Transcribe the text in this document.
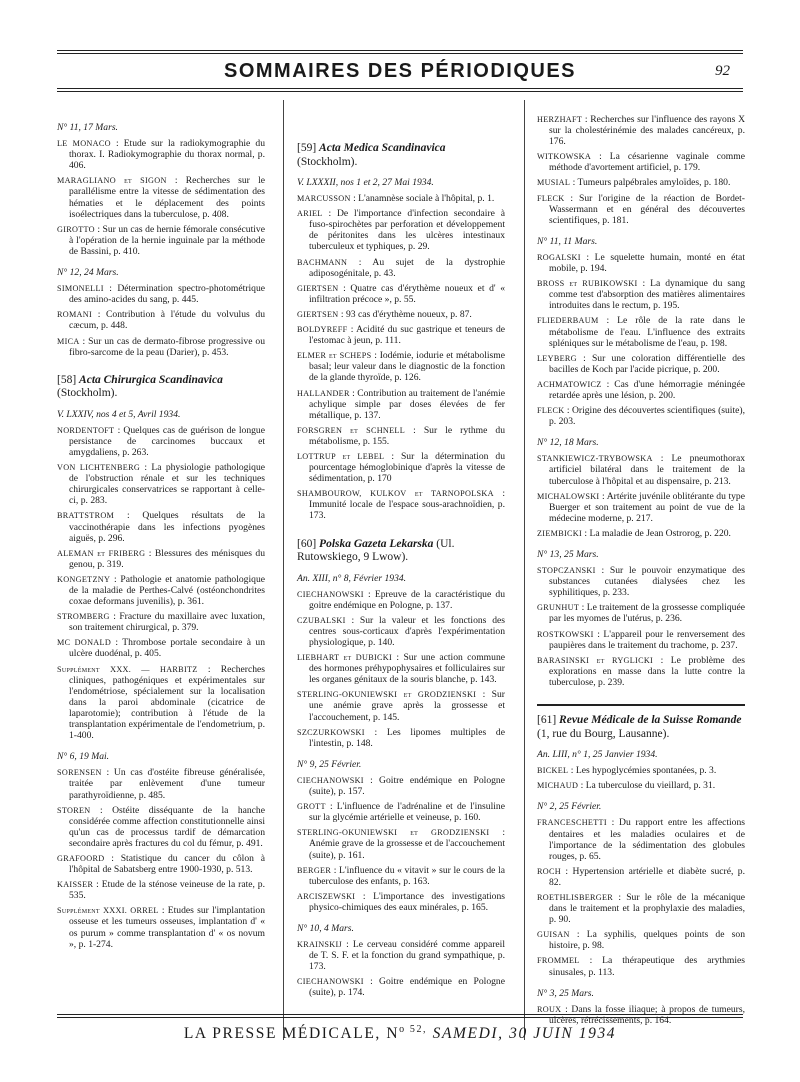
SOMMAIRES DES PÉRIODIQUES	92
N° 11, 17 Mars.
LE MONACO : Etude sur la radiokymographie du thorax. I. Radiokymographie du thorax normal, p. 406.
MARAGLIANO et SIGON : Recherches sur le parallélisme entre la vitesse de sédimentation des hématies et le déplacement des points isoélectriques dans la tuberculose, p. 408.
GIROTTO : Sur un cas de hernie fémorale consécutive à l'opération de la hernie inguinale par la méthode de Bassini, p. 410.
N° 12, 24 Mars.
SIMONELLI : Détermination spectro-photométrique des amino-acides du sang, p. 445.
ROMANI : Contribution à l'étude du volvulus du cæcum, p. 448.
MICA : Sur un cas de dermato-fibrose progressive ou fibro-sarcome de la peau (Darier), p. 453.
[58] Acta Chirurgica Scandinavica (Stockholm).
V. LXXIV, nos 4 et 5, Avril 1934.
NORDENTOFT : Quelques cas de guérison de longue persistance de carcinomes buccaux et amygdaliens, p. 263.
VON LICHTENBERG : La physiologie pathologique de l'obstruction rénale et sur les techniques chirurgicales conservatrices se rapportant à celle-ci, p. 283.
BRATTSTROM : Quelques résultats de la vaccinothérapie dans les infections pyogènes aiguës, p. 296.
ALEMAN et FRIBERG : Blessures des ménisques du genou, p. 319.
KONGETZNY : Pathologie et anatomie pathologique de la maladie de Perthes-Calvé (ostéonchondrites coxae deformans juvenilis), p. 361.
STROMBERG : Fracture du maxillaire avec luxation, son traitement chirurgical, p. 379.
MC DONALD : Thrombose portale secondaire à un ulcère duodénal, p. 405.
Supplément XXX. — HARBITZ : Recherches cliniques, pathogéniques et expérimentales sur l'endométriose, spécialement sur la localisation dans la paroi abdominale (cicatrice de laparotomie); contribution à l'étude de la transplantation expérimentale de l'endometrium, p. 1-400.
N° 6, 19 Mai.
SORENSEN : Un cas d'ostéite fibreuse généralisée, traitée par enlèvement d'une tumeur parathyroïdienne, p. 485.
STOREN : Ostéite disséquante de la hanche considérée comme affection constitutionnelle ainsi qu'un cas de processus tardif de démarcation secondaire après fractures du col du fémur, p. 491.
GRAFOORD : Statistique du cancer du côlon à l'hôpital de Sabatsberg entre 1900-1930, p. 513.
KAISSER : Etude de la sténose veineuse de la rate, p. 535.
Supplément XXXI. ORREL : Etudes sur l'implantation osseuse et les tumeurs osseuses, implantation d' « os purum » comme transplantation d' « os novum », p. 1-274.
[59] Acta Medica Scandinavica (Stockholm).
V. LXXXII, nos 1 et 2, 27 Mai 1934.
MARCUSSON : L'anamnèse sociale à l'hôpital, p. 1.
ARIEL : De l'importance d'infection secondaire à fuso-spirochètes par perforation et développement de péritonites dans les ulcères intestinaux tuberculeux et typhiques, p. 29.
BACHMANN : Au sujet de la dystrophie adiposogénitale, p. 43.
GIERTSEN : Quatre cas d'érythème noueux et d' « infiltration précoce », p. 55.
GIERTSEN : 93 cas d'érythème noueux, p. 87.
BOLDYREFF : Acidité du suc gastrique et teneurs de l'estomac à jeun, p. 111.
ELMER et SCHEPS : Iodémie, iodurie et métabolisme basal; leur valeur dans le diagnostic de la fonction de la glande thyroïde, p. 126.
HALLANDER : Contribution au traitement de l'anémie achylique simple par doses élevées de fer métallique, p. 137.
FORSGREN et SCHNELL : Sur le rythme du métabolisme, p. 155.
LOTTRUP et LEBEL : Sur la détermination du pourcentage hémoglobinique d'après la vitesse de sédimentation, p. 170
SHAMBOUROW, KULKOV et TARNOPOLSKA : Immunité locale de l'espace sous-arachnoïdien, p. 173.
[60] Polska Gazeta Lekarska (Ul. Rutowskiego, 9 Lwow).
An. XIII, n° 8, Février 1934.
CIECHANOWSKI : Epreuve de la caractéristique du goitre endémique en Pologne, p. 137.
CZUBALSKI : Sur la valeur et les fonctions des centres sous-corticaux d'après l'expérimentation physiologique, p. 140.
LIEBHART et DUBICKI : Sur une action commune des hormones préhypophysaires et folliculaires sur les organes génitaux de la souris blanche, p. 143.
STERLING-OKUNIEWSKI et GRODZIENSKI : Sur une anémie grave après la grossesse et l'accouchement, p. 145.
SZCZURKOWSKI : Les lipomes multiples de l'intestin, p. 148.
N° 9, 25 Février.
CIECHANOWSKI : Goitre endémique en Pologne (suite), p. 157.
GROTT : L'influence de l'adrénaline et de l'insuline sur la glycémie artérielle et veineuse, p. 160.
STERLING-OKUNIEWSKI et GRODZIENSKI : Anémie grave de la grossesse et de l'accouchement (suite), p. 161.
BERGER : L'influence du « vitavit » sur le cours de la tuberculose des enfants, p. 163.
ARCISZEWSKI : L'importance des investigations physico-chimiques des eaux minérales, p. 165.
N° 10, 4 Mars.
KRAINSKIJ : Le cerveau considéré comme appareil de T. S. F. et la fonction du grand sympathique, p. 173.
CIECHANOWSKI : Goitre endémique en Pologne (suite), p. 174.
HERZHAFT : Recherches sur l'influence des rayons X sur la cholestérinémie des malades cancéreux, p. 176.
WITKOWSKA : La césarienne vaginale comme méthode d'avortement artificiel, p. 179.
MUSIAL : Tumeurs palpébrales amyloïdes, p. 180.
FLECK : Sur l'origine de la réaction de Bordet-Wassermann et en général des découvertes scientifiques, p. 181.
N° 11, 11 Mars.
ROGALSKI : Le squelette humain, monté en état mobile, p. 194.
BROSS et RUBIKOWSKI : La dynamique du sang comme test d'absorption des matières alimentaires introduites dans le rectum, p. 195.
FLIEDERBAUM : Le rôle de la rate dans le métabolisme de l'eau. L'influence des extraits spléniques sur le métabolisme de l'eau, p. 198.
LEYBERG : Sur une coloration différentielle des bacilles de Koch par l'acide picrique, p. 200.
ACHMATOWICZ : Cas d'une hémorragie méningée retardée après une lésion, p. 200.
FLECK : Origine des découvertes scientifiques (suite), p. 203.
N° 12, 18 Mars.
STANKIEWICZ-TRYBOWSKA : Le pneumothorax artificiel bilatéral dans le traitement de la tuberculose à l'hôpital et au dispensaire, p. 213.
MICHALOWSKI : Artérite juvénile oblitérante du type Buerger et son traitement au point de vue de la médecine moderne, p. 217.
ZIEMBICKI : La maladie de Jean Ostrorog, p. 220.
N° 13, 25 Mars.
STOPCZANSKI : Sur le pouvoir enzymatique des substances cutanées dialysées chez les syphilitiques, p. 233.
GRUNHUT : Le traitement de la grossesse compliquée par les myomes de l'utérus, p. 236.
ROSTKOWSKI : L'appareil pour le renversement des paupières dans le traitement du trachome, p. 237.
BARASINSKI et RYGLICKI : Le problème des explorations en masse dans la lutte contre la tuberculose, p. 239.
[61] Revue Médicale de la Suisse Romande (1, rue du Bourg, Lausanne).
An. LIII, n° 1, 25 Janvier 1934.
BICKEL : Les hypoglycémies spontanées, p. 3.
MICHAUD : La tuberculose du vieillard, p. 31.
N° 2, 25 Février.
FRANCESCHETTI : Du rapport entre les affections dentaires et les maladies oculaires et de l'importance de la sédimentation des globules rouges, p. 65.
ROCH : Hypertension artérielle et diabète sucré, p. 82.
ROETHLISBERGER : Sur le rôle de la mécanique dans le traitement et la prophylaxie des maladies, p. 90.
GUISAN : La syphilis, quelques points de son histoire, p. 98.
FROMMEL : La thérapeutique des arythmies sinusales, p. 113.
N° 3, 25 Mars.
ROUX : Dans la fosse iliaque; à propos de tumeurs, ulcères, rétrécissements, p. 164.
LA PRESSE MÉDICALE, $N^{o 52,}$ SAMEDI, 30 JUIN 1934
